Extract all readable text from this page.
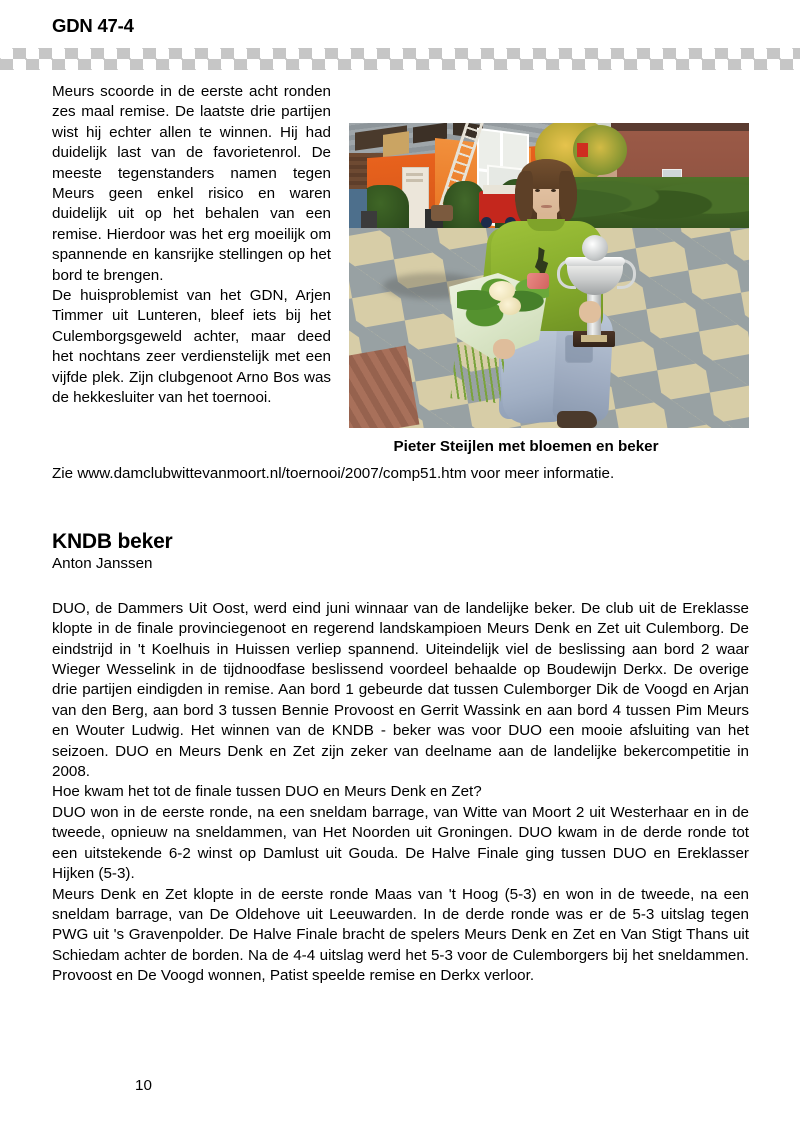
GDN 47-4

Meurs scoorde in de eerste acht ronden zes maal remise. De laatste drie partijen wist hij echter allen te winnen. Hij had duidelijk last van de favorietenrol. De meeste tegenstanders namen tegen Meurs geen enkel risico en waren duidelijk uit op het behalen van een remise. Hierdoor was het erg moeilijk om spannende en kansrijke stellingen op het bord te brengen.

De huisproblemist van het GDN, Arjen Timmer uit Lunteren, bleef iets bij het Culemborgsgeweld achter, maar deed het nochtans zeer verdienstelijk met een vijfde plek. Zijn clubgenoot Arno Bos was de hekkesluiter van het toernooi.

Zie www.damclubwittevanmoort.nl/toernooi/2007/comp51.htm voor meer informatie.

KNDB beker

Anton Janssen

DUO, de Dammers Uit Oost, werd eind juni winnaar van de landelijke beker. De club uit de Ereklasse klopte in de finale provinciegenoot en regerend landskampioen Meurs Denk en Zet uit Culemborg. De eindstrijd in 't Koelhuis in Huissen verliep spannend. Uiteindelijk viel de beslissing aan bord 2 waar Wieger Wesselink in de tijdnoodfase beslissend voordeel behaalde op Boudewijn Derkx. De overige drie partijen eindigden in remise. Aan bord 1 gebeurde dat tussen Culemborger Dik de Voogd en Arjan van den Berg, aan bord 3 tussen Bennie Provoost en Gerrit Wassink en aan bord 4 tussen Pim Meurs en Wouter Ludwig. Het winnen van de KNDB - beker was voor DUO een mooie afsluiting van het seizoen. DUO en Meurs Denk en Zet zijn zeker van deelname aan de landelijke bekercompetitie in 2008.

Hoe kwam het tot de finale tussen DUO en Meurs Denk en Zet?

DUO won in de eerste ronde, na een sneldam barrage, van Witte van Moort 2 uit Westerhaar en in de tweede, opnieuw na sneldammen, van Het Noorden uit Groningen. DUO kwam in de derde ronde tot een uitstekende 6-2 winst op Damlust uit Gouda. De Halve Finale ging tussen DUO en Ereklasser Hijken (5-3).

Meurs Denk en Zet klopte in de eerste ronde Maas van 't Hoog (5-3) en won in de tweede, na een sneldam barrage, van De Oldehove uit Leeuwarden. In de derde ronde was er de 5-3 uitslag tegen PWG uit 's Gravenpolder. De Halve Finale bracht de spelers Meurs Denk en Zet en Van Stigt Thans uit Schiedam achter de borden. Na de 4-4 uitslag werd het 5-3 voor de Culemborgers bij het sneldammen. Provoost en De Voogd wonnen, Patist speelde remise en Derkx verloor.

Pieter Steijlen met bloemen en beker
10
